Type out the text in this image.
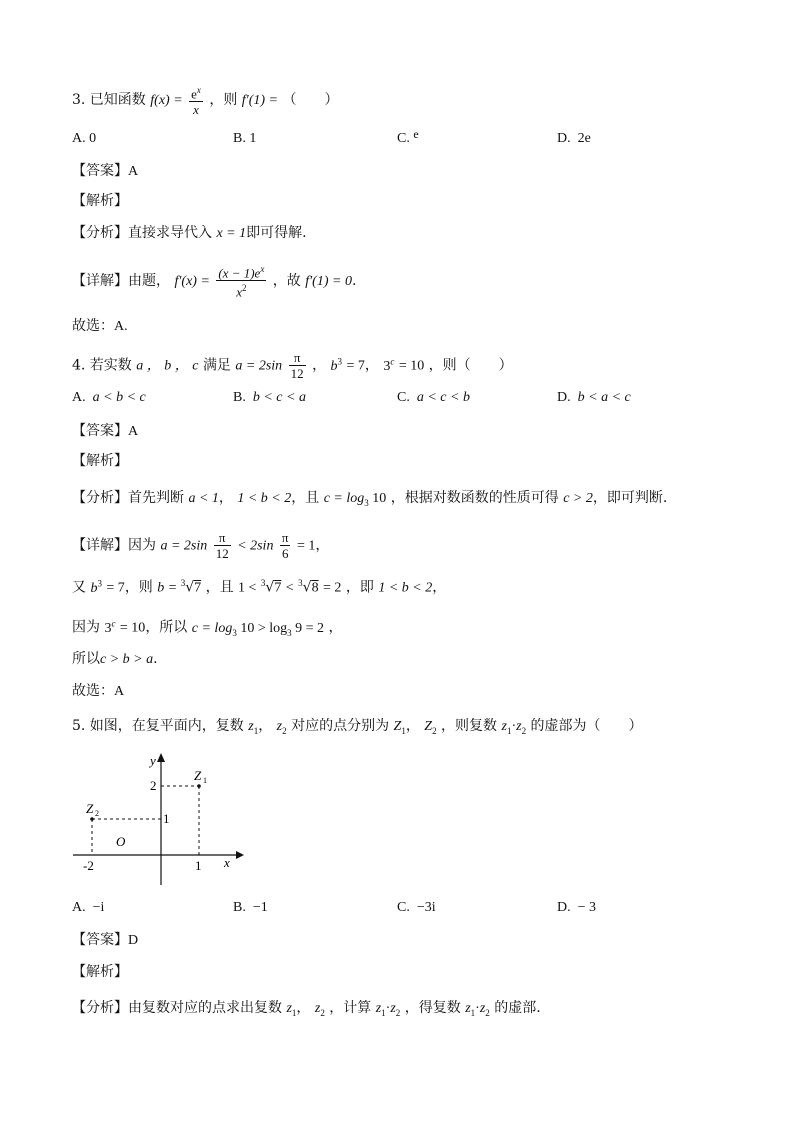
3. 已知函数 $f(x) = \frac{e^x}{x}$ ，则 f′(1) = （　　）
A. 0	B. 1	C. e	D. 2e
【答案】A
【解析】
【分析】直接求导代入 x = 1即可得解.
【详解】由题， $f'(x) = \frac{(x - 1)e^x}{x^2}$ ，故 f′(1) = 0.
故选：A.
4. 若实数 a ， b ， c 满足 $a = 2\sin \frac{\pi}{12}$ ， $b^3 = 7$， $3^c = 10$ ，则（　　）
A. a < b < c	B. b < c < a	C. a < c < b	D. b < a < c
【答案】A
【解析】
【分析】首先判断 a < 1， 1 < b < 2，且 $c = \log_3 10$ ，根据对数函数的性质可得 c > 2，即可判断.
【详解】因为 $a = 2\sin \frac{\pi}{12} < 2\sin \frac{\pi}{6} = 1$，
又 $b^3 = 7$，则 b = $^3$√7 ，且 1 < $^3$√7 < $^3$√8 = 2 ，即 1 < b < 2，
因为 $3^c = 10$，所以 $c = \log_3 10 > \log_3 9 = 2$ ，
所以c > b > a.
故选：A
5. 如图，在复平面内，复数 $z_1$， $z_2$ 对应的点分别为 $Z_1$， $Z_2$ ，则复数 $z_1\cdot z_2$ 的虚部为（　　）
y
x
O
2
1
-2	1
Z 1
Z 2
A. −i	B. −1	C. −3i	D. − 3
【答案】D
【解析】
【分析】由复数对应的点求出复数 $z_1$， $z_2$ ，计算 $z_1\cdot z_2$ ，得复数 $z_1\cdot z_2$ 的虚部.
